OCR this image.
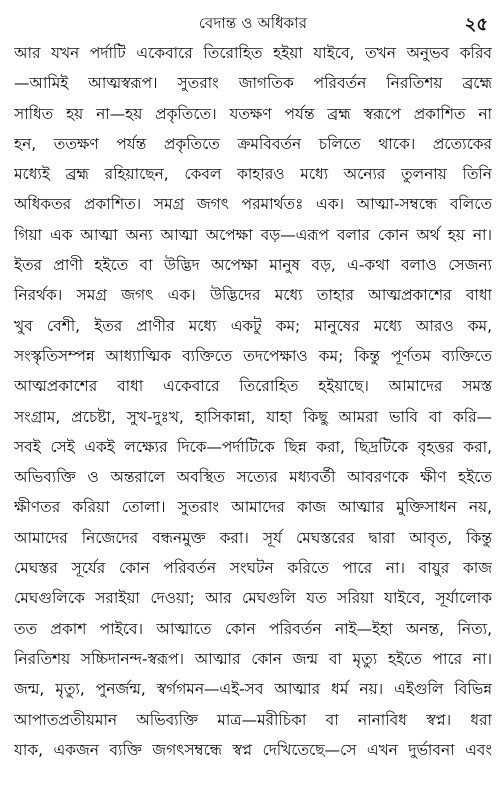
বেদান্ত ও অধিকার	২৫
আর যখন পর্দাটি একেবারে তিরোহিত হইয়া যাইবে, তখন অনুভব করিব
—আমিই আত্মস্বরূপ। সুতরাং জাগতিক পরিবর্তন নিরতিশয় ব্রহ্মে
সাধিত হয় না—হয় প্রকৃতিতে। যতক্ষণ পর্যন্ত ব্রহ্ম স্বরূপে প্রকাশিত না
হন, ততক্ষণ পর্যন্ত প্রকৃতিতে ক্রমবিবর্তন চলিতে থাকে। প্রত্যেকের
মধ্যেই ব্রহ্ম রহিয়াছেন, কেবল কাহারও মধ্যে অন্যের তুলনায় তিনি
অধিকতর প্রকাশিত। সমগ্র জগৎ পরমার্থতঃ এক। আত্মা-সম্বন্ধে বলিতে
গিয়া এক আত্মা অন্য আত্মা অপেক্ষা বড়—এরূপ বলার কোন অর্থ হয় না।
ইতর প্রাণী হইতে বা উদ্ভিদ অপেক্ষা মানুষ বড়, এ-কথা বলাও সেজন্য
নিরর্থক। সমগ্র জগৎ এক। উদ্ভিদের মধ্যে তাহার আত্মপ্রকাশের বাধা
খুব বেশী, ইতর প্রাণীর মধ্যে একটু কম; মানুষের মধ্যে আরও কম,
সংস্কৃতিসম্পন্ন আধ্যাত্মিক ব্যক্তিতে তদপেক্ষাও কম; কিন্তু পূর্ণতম ব্যক্তিতে
আত্মপ্রকাশের বাধা একেবারে তিরোহিত হইয়াছে। আমাদের সমস্ত
সংগ্রাম, প্রচেষ্টা, সুখ-দুঃখ, হাসিকান্না, যাহা কিছু আমরা ভাবি বা করি—
সবই সেই একই লক্ষ্যের দিকে—পর্দাটিকে ছিন্ন করা, ছিদ্রটিকে বৃহত্তর করা,
অভিব্যক্তি ও অন্তরালে অবস্থিত সত্যের মধ্যবর্তী আবরণকে ক্ষীণ হইতে
ক্ষীণতর করিয়া তোলা। সুতরাং আমাদের কাজ আত্মার মুক্তিসাধন নয়,
আমাদের নিজেদের বন্ধনমুক্ত করা। সূর্য মেঘস্তরের দ্বারা আবৃত, কিন্তু
মেঘস্তর সূর্যের কোন পরিবর্তন সংঘটন করিতে পারে না। বায়ুর কাজ
মেঘগুলিকে সরাইয়া দেওয়া; আর মেঘগুলি যত সরিয়া যাইবে, সূর্যালোক
তত প্রকাশ পাইবে। আত্মাতে কোন পরিবর্তন নাই—ইহা অনন্ত, নিত্য,
নিরতিশয় সচ্চিদানন্দ-স্বরূপ। আত্মার কোন জন্ম বা মৃত্যু হইতে পারে না।
জন্ম, মৃত্যু, পুনর্জন্ম, স্বর্গগমন—এই-সব আত্মার ধর্ম নয়। এইগুলি বিভিন্ন
আপাতপ্রতীয়মান অভিব্যক্তি মাত্র—মরীচিকা বা নানাবিধ স্বপ্ন। ধরা
যাক, একজন ব্যক্তি জগৎসম্বন্ধে স্বপ্ন দেখিতেছে—সে এখন দুর্ভাবনা এবং
